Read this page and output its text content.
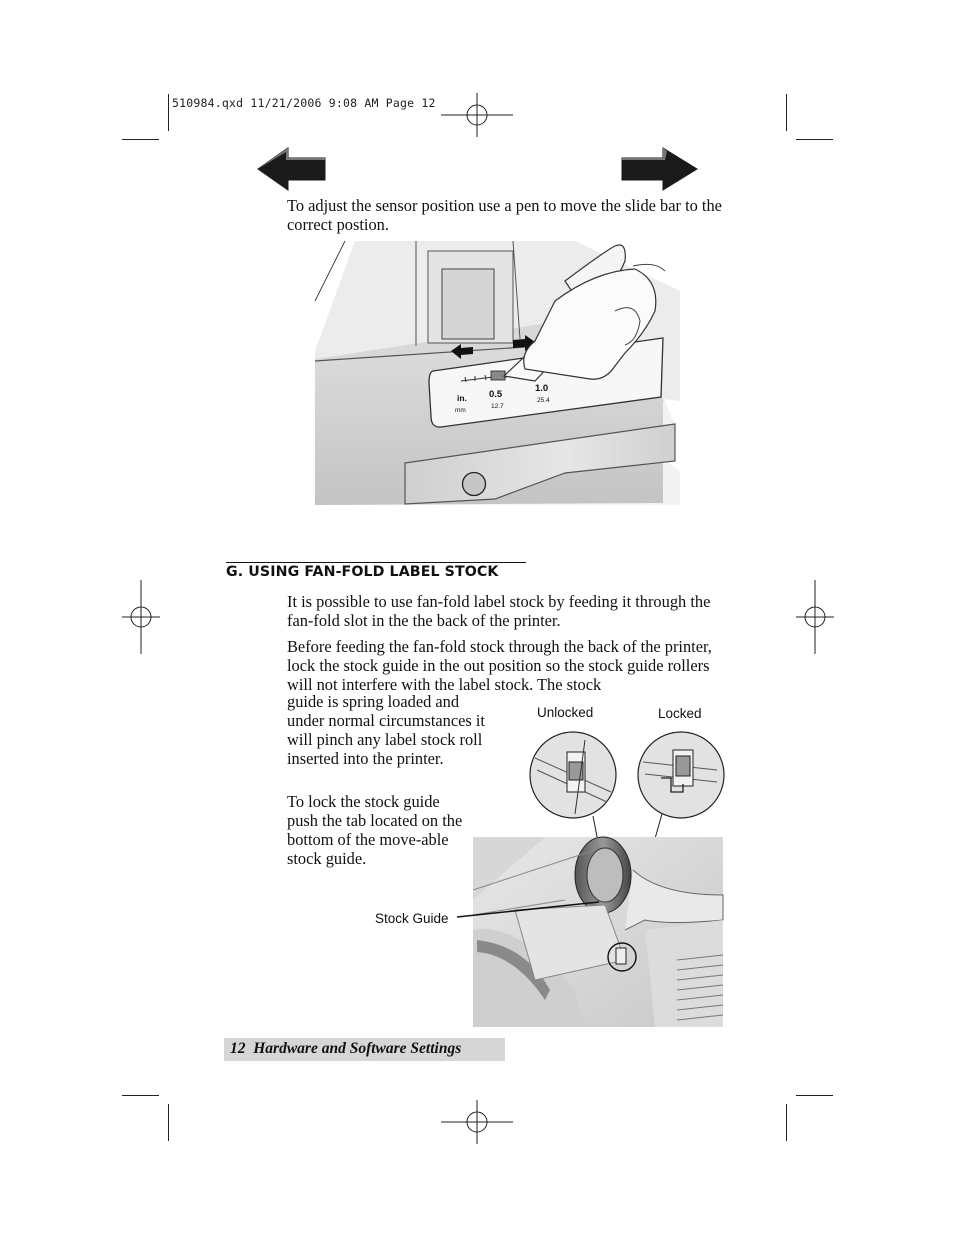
510984.qxd 11/21/2006 9:08 AM Page 12
To adjust the sensor position use a pen to move the slide bar to the correct postion.
in.
mm
0.5
12.7
1.0
25.4
G. USING FAN-FOLD LABEL STOCK
It is possible to use fan-fold label stock by feeding it through the fan-fold slot in the the back of the printer.
Before feeding the fan-fold stock through the back of the printer, lock the stock guide in the out position so the stock guide rollers will not interfere with the label stock. The stock
guide is spring loaded and under normal circumstances it will pinch any label stock roll inserted into the printer.
To lock the stock guide push the tab located on the bottom of the move-able stock guide.
Unlocked	Locked
Stock Guide
12 Hardware and Software Settings
